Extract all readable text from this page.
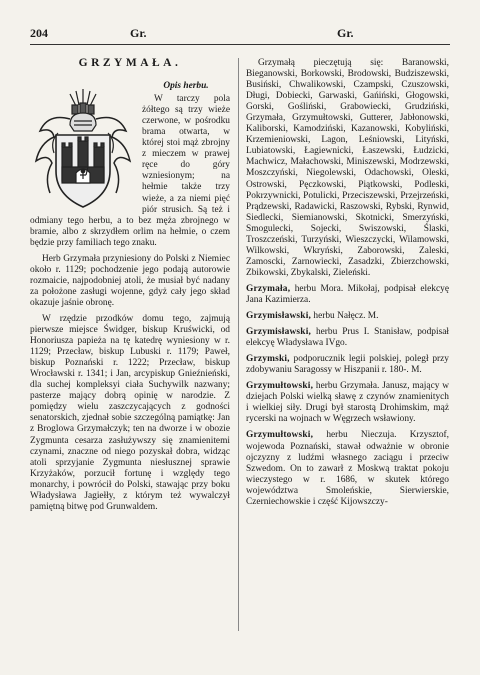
204	Gr.	Gr.
GRZYMAŁA.
Opis herbu.

W tarczy pola żółtego są trzy wieże czerwone, w pośrodku brama otwarta, w której stoi mąż zbrojny z mieczem w prawej ręce do góry wzniesionym; na hełmie także trzy wieże, a za niemi pięć piór strusich. Są też i odmiany tego herbu, a to bez męża zbrojnego w bramie, albo z skrzydłem orlim na hełmie, o czem będzie przy familiach tego znaku.

Herb Grzymała przyniesiony do Polski z Niemiec około r. 1129; pochodzenie jego podają autorowie rozmaicie, najpodobniej atoli, że musiał być nadany za położone zasługi wojenne, gdyż cały jego skład okazuje jaśnie obronę.

W rzędzie przodków domu tego, zajmują pierwsze miejsce Świdger, biskup Kruświcki, od Honoriusza papieża na tę katedrę wyniesiony w r. 1129; Przecław, biskup Lubuski r. 1179; Paweł, biskup Poznański r. 1222; Przecław, biskup Wrocławski r. 1341; i Jan, arcypiskup Gnieźnieński, dla suchej kompleksyi ciała Suchywilk nazwany; pasterze mający dobrą opinię w narodzie. Z pomiędzy wielu zaszczycających z godności senatorskich, zjednał sobie szczególną pamiątkę: Jan z Broglowa Grzymałczyk; ten na dworze i w obozie Zygmunta cesarza zasłużywszy się znamienitemi czynami, znaczne od niego pozyskał dobra, widząc atoli sprzyjanie Zygmunta niesłusznej sprawie Krzyżaków, porzucił fortunę i względy tego monarchy, i powrócił do Polski, stawając przy boku Władysława Jagiełły, z którym też wywalczył pamiętną bitwę pod Grunwaldem.

Grzymałą pieczętują się: Baranowski, Bieganowski, Borkowski, Brodowski, Budziszewski, Busiński, Chwalikowski, Czampski, Czuszowski, Długi, Dobiecki, Garwaski, Gańiński, Głogowski, Gorski, Gośliński, Grabowiecki, Grudziński, Grzymała, Grzymułtowski, Gutterer, Jabłonowski, Kaliborski, Kamodziński, Kazanowski, Kobyliński, Krzemieniowski, Lagon, Leśniowski, Lityński, Lubiatowski, Łagiewnicki, Łaszewski, Łudzicki, Machwicz, Małachowski, Miniszewski, Modrzewski, Moszczyński, Niegolewski, Odachowski, Oleski, Ostrowski, Pęczkowski, Piątkowski, Podleski, Pokrzywnicki, Potulicki, Przeciszewski, Przejrzeński, Prądzewski, Radawicki, Raszowski, Rybski, Rynwid, Siedlecki, Siemianowski, Skotnicki, Smerzyński, Smogulecki, Sojecki, Swiszowski, Ślaski, Troszczeński, Turzyński, Wieszczycki, Wilamowski, Wilkowski, Wkryński, Zaborowski, Zaleski, Zamoscki, Zarnowiecki, Zasadzki, Zbierzchowski, Zbikowski, Zbykalski, Zieleński.

Grzymała, herbu Mora. Mikołaj, podpisał elekcyę Jana Kazimierza.
Grzymisławski, herbu Nałęcz. M.
Grzymisławski, herbu Prus I. Stanisław, podpisał elekcyę Władysława IVgo.
Grzymski, podporucznik legii polskiej, poległ przy zdobywaniu Saragossy w Hiszpanii r. 180-. M.
Grzymułtowski, herbu Grzymała. Janusz, mający w dziejach Polski wielką sławę z czynów znamienitych i wielkiej siły. Drugi był starostą Drohimskim, mąż rycerski na wojnach w Węgrzech wsławiony.
Grzymułtowski, herbu Nieczuja. Krzysztof, wojewoda Poznański, stawał odważnie w obronie ojczyzny z ludźmi własnego zaciągu i przeciw Szwedom. On to zawarł z Moskwą traktat pokoju wieczystego w r. 1686, w skutek którego województwa Smoleńskie, Sierwierskie, Czerniechowskie i część Kijowszczy-
